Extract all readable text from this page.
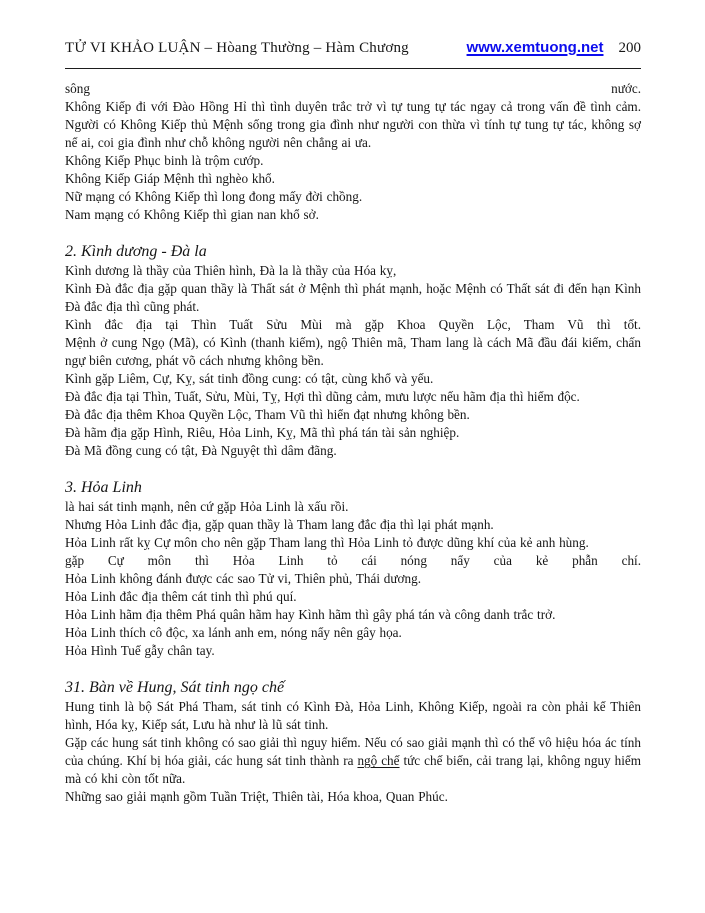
TỬ VI KHẢO LUẬN – Hòang Thường – Hàm Chương	www.xemtuong.net 200
sông nước.
Không Kiếp đi với Đào Hồng Hỉ thì tình duyên trắc trở vì tự tung tự tác ngay cả trong vấn đề tình cảm. Người có Không Kiếp thủ Mệnh sống trong gia đình như người con thừa vì tính tự tung tự tác, không sợ nể ai, coi gia đình như chỗ không người nên chẳng ai ưa.
Không Kiếp Phục binh là trộm cướp.
Không Kiếp Giáp Mệnh thì nghèo khổ.
Nữ mạng có Không Kiếp thì long đong mấy đời chồng.
Nam mạng có Không Kiếp thì gian nan khổ sở.
2. Kình dương - Đà la
Kình dương là thầy của Thiên hình, Đà la là thầy của Hóa kỵ,
Kình Đà đắc địa gặp quan thầy là Thất sát ở Mệnh thì phát mạnh, hoặc Mệnh có Thất sát đi đến hạn Kình Đà đắc địa thì cũng phát.
Kình đắc địa tại Thìn Tuất Sửu Mùi mà gặp Khoa Quyền Lộc, Tham Vũ thì tốt.
Mệnh ở cung Ngọ (Mã), có Kình (thanh kiếm), ngộ Thiên mã, Tham lang là cách Mã đầu đái kiếm, chấn ngự biên cương, phát võ cách nhưng không bền.
Kình gặp Liêm, Cự, Kỵ, sát tinh đồng cung: có tật, cùng khổ và yếu.
Đà đắc địa tại Thìn, Tuất, Sửu, Mùi, Tỵ, Hợi thì dũng cảm, mưu lược nếu hãm địa thì hiểm độc.
Đà đắc địa thêm Khoa Quyền Lộc, Tham Vũ thì hiển đạt nhưng không bền.
Đà hãm địa gặp Hình, Riêu, Hỏa Linh, Kỵ, Mã thì phá tán tài sản nghiệp.
Đà Mã đồng cung có tật, Đà Nguyệt thì dâm đãng.
3. Hỏa Linh
là hai sát tinh mạnh, nên cứ gặp Hỏa Linh là xấu rồi.
Nhưng Hỏa Linh đắc địa, gặp quan thầy là Tham lang đắc địa thì lại phát mạnh.
Hỏa Linh rất kỵ Cự môn cho nên gặp Tham lang thì Hỏa Linh tỏ được dũng khí của kẻ anh hùng.
gặp Cự môn thì Hỏa Linh tỏ cái nóng nẩy của kẻ phẫn chí.
Hỏa Linh không đánh được các sao Tử vi, Thiên phủ, Thái dương.
Hỏa Linh đắc địa thêm cát tinh thì phú quí.
Hỏa Linh hãm địa thêm Phá quân hãm hay Kình hãm thì gây phá tán và công danh trắc trở.
Hỏa Linh thích cô độc, xa lánh anh em, nóng nẩy nên gây họa.
Hỏa Hình Tuế gẫy chân tay.
31. Bàn về Hung, Sát tinh ngọ chế
Hung tinh là bộ Sát Phá Tham, sát tinh có Kình Đà, Hỏa Linh, Không Kiếp, ngoài ra còn phải kể Thiên hình, Hóa kỵ, Kiếp sát, Lưu hà như là lũ sát tinh.
Gặp các hung sát tinh không có sao giải thì nguy hiểm. Nếu có sao giải mạnh thì có thể vô hiệu hóa ác tính của chúng. Khí bị hóa giải, các hung sát tinh thành ra ngộ chế tức chế biến, cải trang lại, không nguy hiểm mà có khi còn tốt nữa.
Những sao giải mạnh gồm Tuần Triệt, Thiên tài, Hóa khoa, Quan Phúc.
